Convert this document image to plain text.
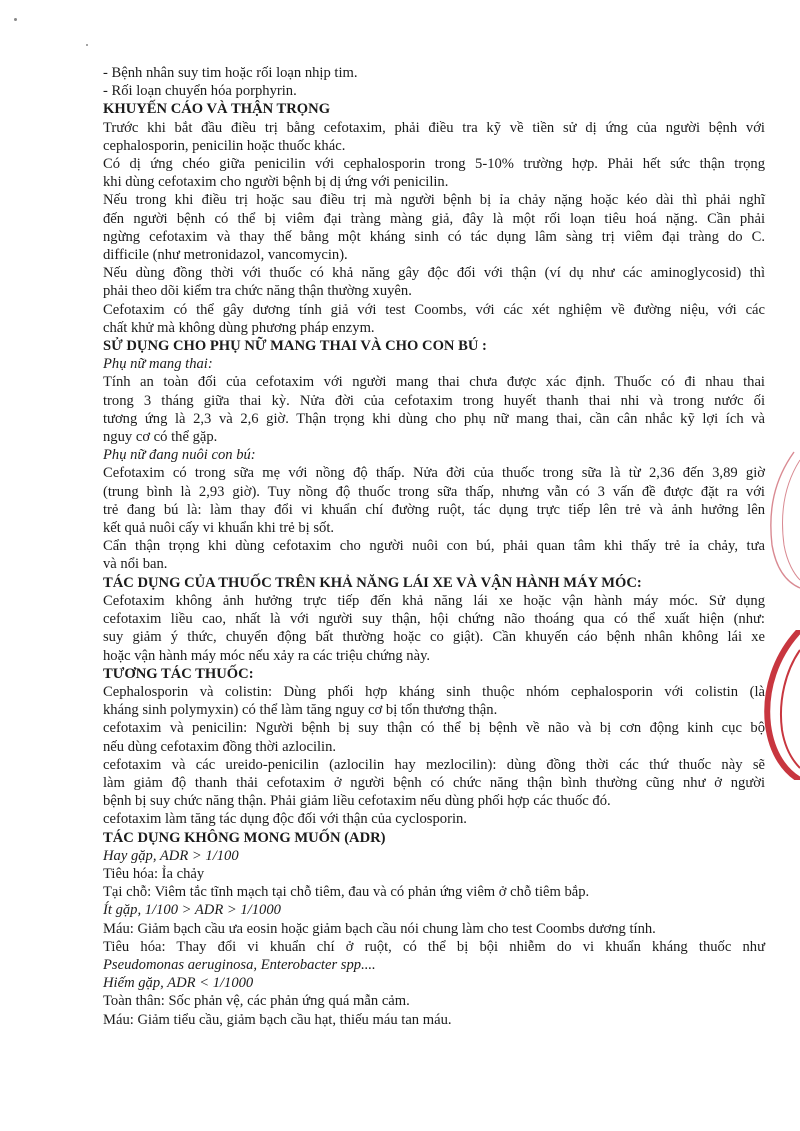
- Bệnh nhân suy tim hoặc rối loạn nhịp tim.
- Rối loạn chuyển hóa porphyrin.
KHUYẾN CÁO VÀ THẬN TRỌNG
Trước khi bắt đầu điều trị bằng cefotaxim, phải điều tra kỹ về tiền sử dị ứng của người bệnh với
cephalosporin, penicilin hoặc thuốc khác.
Có dị ứng chéo giữa penicilin với cephalosporin trong 5-10% trường hợp. Phải hết sức thận trọng
khi dùng cefotaxim cho người bệnh bị dị ứng với penicilin.
Nếu trong khi điều trị hoặc sau điều trị mà người bệnh bị ỉa chảy nặng hoặc kéo dài thì phải nghĩ
đến người bệnh có thể bị viêm đại tràng màng giả, đây là một rối loạn tiêu hoá nặng. Cần phải
ngừng cefotaxim và thay thế bằng một kháng sinh có tác dụng lâm sàng trị viêm đại tràng do C.
difficile (như metronidazol, vancomycin).
Nếu dùng đồng thời với thuốc có khả năng gây độc đối với thận (ví dụ như các aminoglycosid) thì
phải theo dõi kiểm tra chức năng thận thường xuyên.
Cefotaxim có thể gây dương tính giả với test Coombs, với các xét nghiệm về đường niệu, với các
chất khử mà không dùng phương pháp enzym.
SỬ DỤNG CHO PHỤ NỮ MANG THAI VÀ CHO CON BÚ :
Phụ nữ mang thai:
Tính an toàn đối của cefotaxim với người mang thai chưa được xác định. Thuốc có đi nhau thai
trong 3 tháng giữa thai kỳ. Nửa đời của cefotaxim trong huyết thanh thai nhi và trong nước ối
tương ứng là 2,3 và 2,6 giờ. Thận trọng khi dùng cho phụ nữ mang thai, cần cân nhắc kỹ lợi ích và
nguy cơ có thể gặp.
Phụ nữ đang nuôi con bú:
Cefotaxim có trong sữa mẹ với nồng độ thấp. Nửa đời của thuốc trong sữa là từ 2,36 đến 3,89 giờ
(trung bình là 2,93 giờ). Tuy nồng độ thuốc trong sữa thấp, nhưng vẫn có 3 vấn đề được đặt ra với
trẻ đang bú là: làm thay đổi vi khuẩn chí đường ruột, tác dụng trực tiếp lên trẻ và ảnh hưởng lên
kết quả nuôi cấy vi khuẩn khi trẻ bị sốt.
Cẩn thận trọng khi dùng cefotaxim cho người nuôi con bú, phải quan tâm khi thấy trẻ ỉa chảy, tưa
và nổi ban.
TÁC DỤNG CỦA THUỐC TRÊN KHẢ NĂNG LÁI XE VÀ VẬN HÀNH MÁY MÓC:
Cefotaxim không ảnh hưởng trực tiếp đến khả năng lái xe hoặc vận hành máy móc. Sử dụng
cefotaxim liều cao, nhất là với người suy thận, hội chứng não thoáng qua có thể xuất hiện (như:
suy giảm ý thức, chuyển động bất thường hoặc co giật). Cần khuyến cáo bệnh nhân không lái xe
hoặc vận hành máy móc nếu xảy ra các triệu chứng này.
TƯƠNG TÁC THUỐC:
Cephalosporin và colistin: Dùng phối hợp kháng sinh thuộc nhóm cephalosporin với colistin (là
kháng sinh polymyxin) có thể làm tăng nguy cơ bị tổn thương thận.
cefotaxim và penicilin: Người bệnh bị suy thận có thể bị bệnh về não và bị cơn động kinh cục bộ
nếu dùng cefotaxim đồng thời azlocilin.
cefotaxim và các ureido-penicilin (azlocilin hay mezlocilin): dùng đồng thời các thứ thuốc này sẽ
làm giảm độ thanh thải cefotaxim ở người bệnh có chức năng thận bình thường cũng như ở người
bệnh bị suy chức năng thận. Phải giảm liều cefotaxim nếu dùng phối hợp các thuốc đó.
cefotaxim làm tăng tác dụng độc đối với thận của cyclosporin.
TÁC DỤNG KHÔNG MONG MUỐN (ADR)
Hay gặp, ADR > 1/100
Tiêu hóa: Ỉa chảy
Tại chỗ: Viêm tắc tĩnh mạch tại chỗ tiêm, đau và có phản ứng viêm ở chỗ tiêm bắp.
Ít gặp, 1/100 > ADR > 1/1000
Máu: Giảm bạch cầu ưa eosin hoặc giảm bạch cầu nói chung làm cho test Coombs dương tính.
Tiêu hóa: Thay đổi vi khuẩn chí ở ruột, có thể bị bội nhiễm do vi khuẩn kháng thuốc như
Pseudomonas aeruginosa, Enterobacter spp....
Hiếm gặp, ADR < 1/1000
Toàn thân: Sốc phản vệ, các phản ứng quá mẫn cảm.
Máu: Giảm tiểu cầu, giảm bạch cầu hạt, thiếu máu tan máu.
